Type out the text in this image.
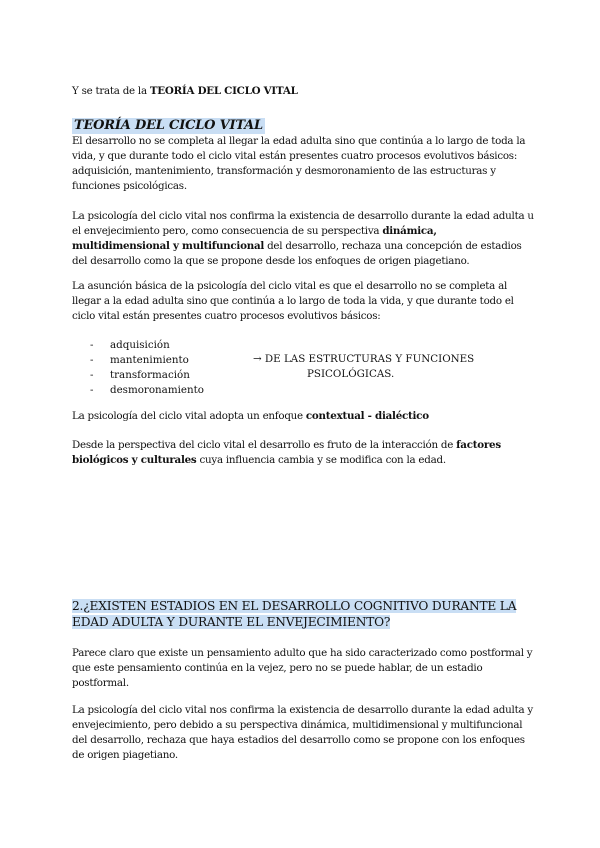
Y se trata de la TEORÍA DEL CICLO VITAL

TEORÍA DEL CICLO VITAL

El desarrollo no se completa al llegar la edad adulta sino que continúa a lo largo de toda la vida, y que durante todo el ciclo vital están presentes cuatro procesos evolutivos básicos: adquisición, mantenimiento, transformación y desmoronamiento de las estructuras y funciones psicológicas.

La psicología del ciclo vital nos confirma la existencia de desarrollo durante la edad adulta u el envejecimiento pero, como consecuencia de su perspectiva dinámica, multidimensional y multifuncional del desarrollo, rechaza una concepción de estadios del desarrollo como la que se propone desde los enfoques de origen piagetiano.

La asunción básica de la psicología del ciclo vital es que el desarrollo no se completa al llegar a la edad adulta sino que continúa a lo largo de toda la vida, y que durante todo el ciclo vital están presentes cuatro procesos evolutivos básicos:

- adquisición
- mantenimiento
- transformación
- desmoronamiento
→ DE LAS ESTRUCTURAS Y FUNCIONES
PSICOLÓGICAS.

La psicología del ciclo vital adopta un enfoque contextual - dialéctico

Desde la perspectiva del ciclo vital el desarrollo es fruto de la interacción de factores biológicos y culturales cuya influencia cambia y se modifica con la edad.

2.¿EXISTEN ESTADIOS EN EL DESARROLLO COGNITIVO DURANTE LA EDAD ADULTA Y DURANTE EL ENVEJECIMIENTO?

Parece claro que existe un pensamiento adulto que ha sido caracterizado como postformal y que este pensamiento continúa en la vejez, pero no se puede hablar, de un estadio postformal.

La psicología del ciclo vital nos confirma la existencia de desarrollo durante la edad adulta y envejecimiento, pero debido a su perspectiva dinámica, multidimensional y multifuncional del desarrollo, rechaza que haya estadios del desarrollo como se propone con los enfoques de origen piagetiano.
